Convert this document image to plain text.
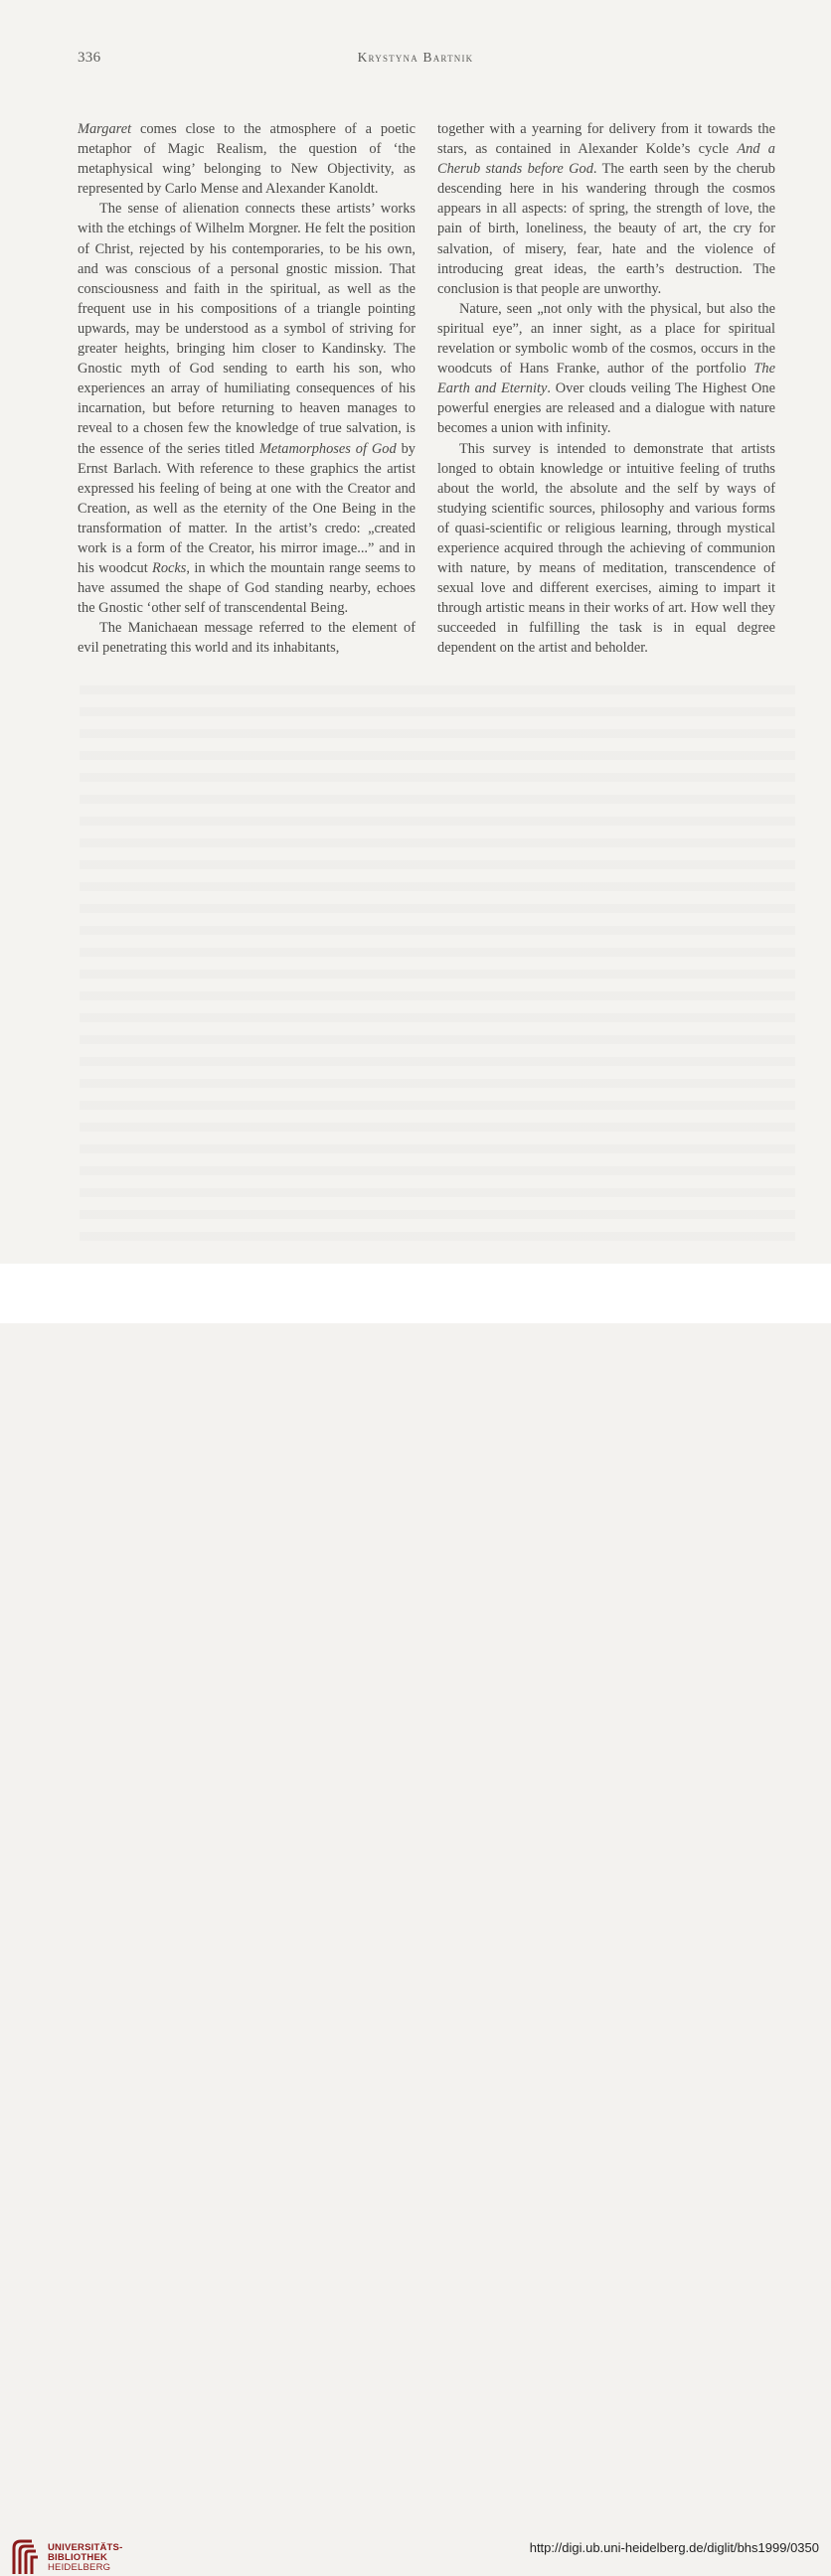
336	Krystyna Bartnik

Margaret comes close to the atmosphere of a poetic metaphor of Magic Realism, the question of ‘the metaphysical wing’ belonging to New Objectivity, as represented by Carlo Mense and Alexander Kanoldt.

The sense of alienation connects these artists’ works with the etchings of Wilhelm Morgner. He felt the position of Christ, rejected by his contemporaries, to be his own, and was conscious of a personal gnostic mission. That consciousness and faith in the spiritual, as well as the frequent use in his compositions of a triangle pointing upwards, may be understood as a symbol of striving for greater heights, bringing him closer to Kandinsky. The Gnostic myth of God sending to earth his son, who experiences an array of humiliating consequences of his incarnation, but before returning to heaven manages to reveal to a chosen few the knowledge of true salvation, is the essence of the series titled Metamorphoses of God by Ernst Barlach. With reference to these graphics the artist expressed his feeling of being at one with the Creator and Creation, as well as the eternity of the One Being in the transformation of matter. In the artist’s credo: „created work is a form of the Creator, his mirror image...” and in his woodcut Rocks, in which the mountain range seems to have assumed the shape of God standing nearby, echoes the Gnostic ‘other self of transcendental Being.

The Manichaean message referred to the element of evil penetrating this world and its inhabitants,

together with a yearning for delivery from it towards the stars, as contained in Alexander Kolde’s cycle And a Cherub stands before God. The earth seen by the cherub descending here in his wandering through the cosmos appears in all aspects: of spring, the strength of love, the pain of birth, loneliness, the beauty of art, the cry for salvation, of misery, fear, hate and the violence of introducing great ideas, the earth’s destruction. The conclusion is that people are unworthy.

Nature, seen „not only with the physical, but also the spiritual eye”, an inner sight, as a place for spiritual revelation or symbolic womb of the cosmos, occurs in the woodcuts of Hans Franke, author of the portfolio The Earth and Eternity. Over clouds veiling The Highest One powerful energies are released and a dialogue with nature becomes a union with infinity.

This survey is intended to demonstrate that artists longed to obtain knowledge or intuitive feeling of truths about the world, the absolute and the self by ways of studying scientific sources, philosophy and various forms of quasi-scientific or religious learning, through mystical experience acquired through the achieving of communion with nature, by means of meditation, transcendence of sexual love and different exercises, aiming to impart it through artistic means in their works of art. How well they succeeded in fulfilling the task is in equal degree dependent on the artist and beholder.

UNIVERSITÄTS-
BIBLIOTHEK
HEIDELBERG
http://digi.ub.uni-heidelberg.de/diglit/bhs1999/0350
